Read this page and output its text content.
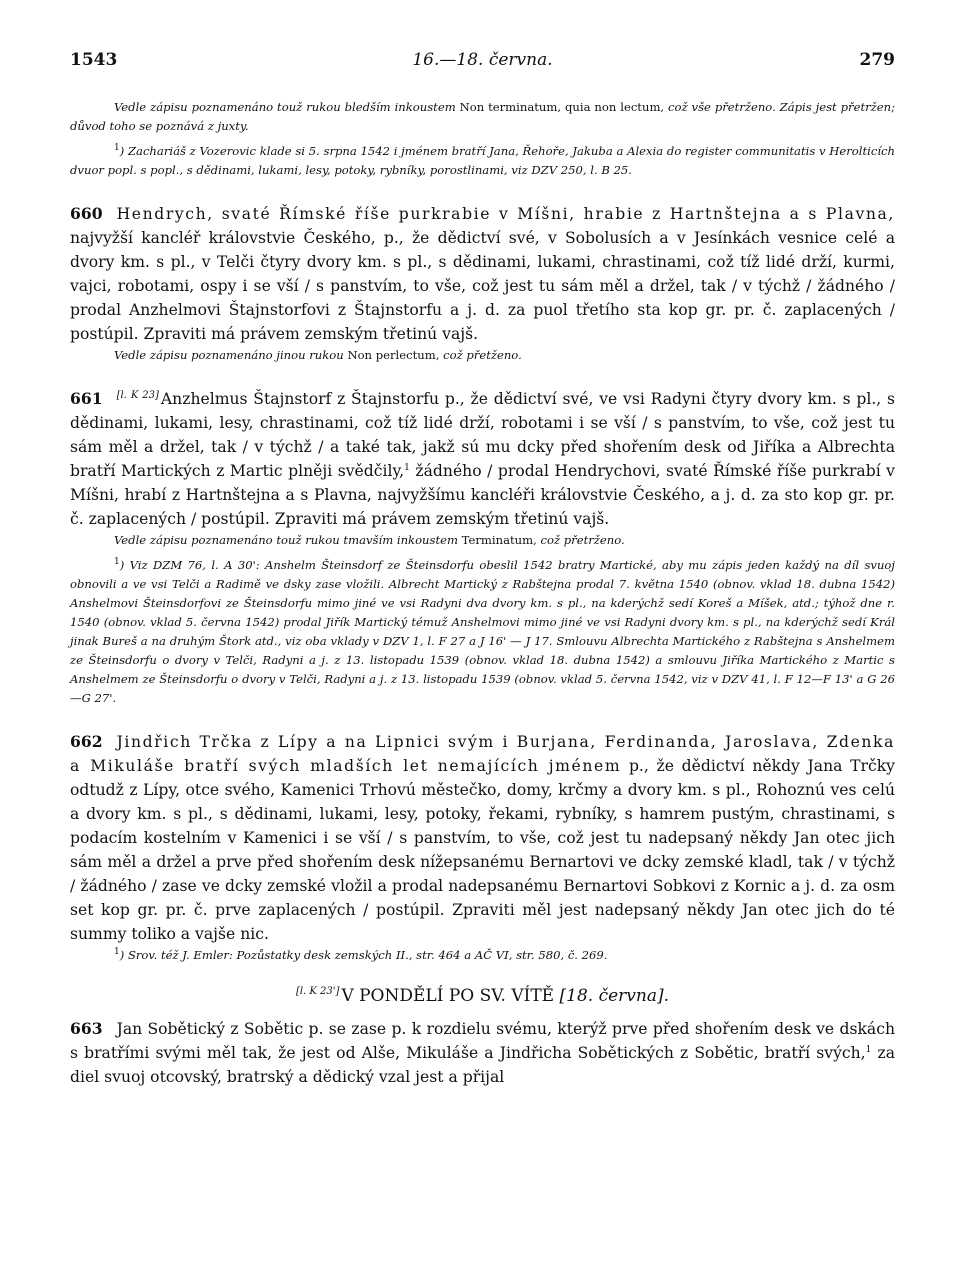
1543	16.—18. června.	279

Vedle zápisu poznamenáno touž rukou bledším inkoustem Non terminatum, quia non lectum, což vše přetrženo. Zápis jest přetržen; důvod toho se poznává z juxty.

$^1$) Zachariáš z Vozerovic klade si 5. srpna 1542 i jménem bratří Jana, Řehoře, Jakuba a Alexia do register communitatis v Herolticích dvuor popl. s popl., s dědinami, lukami, lesy, potoky, rybníky, porostlinami, viz DZV 250, l. B 25.

660 Hendrych, svaté Římské říše purkrabie v Míšni, hrabie z Hartnštejna a s Plavna, najvyžší kancléř královstvie Českého, p., že dědictví své, v Sobolusích a v Jesínkách vesnice celé a dvory km. s pl., v Telči čtyry dvory km. s pl., s dědinami, lukami, chrastinami, což tíž lidé drží, kurmi, vajci, robotami, ospy i se vší / s panstvím, to vše, což jest tu sám měl a držel, tak / v týchž / žádného / prodal Anzhelmovi Štajnstorfovi z Štajnstorfu a j. d. za puol třetího sta kop gr. pr. č. zaplacených / postúpil. Zpraviti má právem zemským třetinú vajš.

Vedle zápisu poznamenáno jinou rukou Non perlectum, což přetženo.

661 [l. K 23] Anzhelmus Štajnstorf z Štajnstorfu p., že dědictví své, ve vsi Radyni čtyry dvory km. s pl., s dědinami, lukami, lesy, chrastinami, což tíž lidé drží, robotami i se vší / s panstvím, to vše, což jest tu sám měl a držel, tak / v týchž / a také tak, jakž sú mu dcky před shořením desk od Jiříka a Albrechta bratří Martických z Martic plněji svědčily,$^1$ žádného / prodal Hendrychovi, svaté Římské říše purkrabí v Míšni, hrabí z Hartnštejna a s Plavna, najvyžšímu kancléři královstvie Českého, a j. d. za sto kop gr. pr. č. zaplacených / postúpil. Zpraviti má právem zemským třetinú vajš.

Vedle zápisu poznamenáno touž rukou tmavším inkoustem Terminatum, což přetrženo.

$^1$) Viz DZM 76, l. A 30': Anshelm Šteinsdorf ze Šteinsdorfu obeslil 1542 bratry Martické, aby mu zápis jeden každý na díl svuoj obnovili a ve vsi Telči a Radimě ve dsky zase vložili. Albrecht Martický z Rabštejna prodal 7. května 1540 (obnov. vklad 18. dubna 1542) Anshelmovi Šteinsdorfovi ze Šteinsdorfu mimo jiné ve vsi Radyni dva dvory km. s pl., na kderýchž sedí Koreš a Míšek, atd.; týhož dne r. 1540 (obnov. vklad 5. června 1542) prodal Jiřík Martický témuž Anshelmovi mimo jiné ve vsi Radyni dvory km. s pl., na kderýchž sedí Král jinak Bureš a na druhým Štork atd., viz oba vklady v DZV 1, l. F 27 a J 16' — J 17. Smlouvu Albrechta Martického z Rabštejna s Anshelmem ze Šteinsdorfu o dvory v Telči, Radyni a j. z 13. listopadu 1539 (obnov. vklad 18. dubna 1542) a smlouvu Jiříka Martického z Martic s Anshelmem ze Šteinsdorfu o dvory v Telči, Radyni a j. z 13. listopadu 1539 (obnov. vklad 5. června 1542, viz v DZV 41, l. F 12—F 13' a G 26—G 27'.

662 Jindřich Trčka z Lípy a na Lipnici svým i Burjana, Ferdinanda, Jaroslava, Zdenka a Mikuláše bratří svých mladších let nemajících jménem p., že dědictví někdy Jana Trčky odtudž z Lípy, otce svého, Kamenici Trhovú městečko, domy, krčmy a dvory km. s pl., Rohoznú ves celú a dvory km. s pl., s dědinami, lukami, lesy, potoky, řekami, rybníky, s hamrem pustým, chrastinami, s podacím kostelním v Kamenici i se vší / s panstvím, to vše, což jest tu nadepsaný někdy Jan otec jich sám měl a držel a prve před shořením desk nížepsanému Bernartovi ve dcky zemské kladl, tak / v týchž / žádného / zase ve dcky zemské vložil a prodal nadepsanému Bernartovi Sobkovi z Kornic a j. d. za osm set kop gr. pr. č. prve zaplacených / postúpil. Zpraviti měl jest nadepsaný někdy Jan otec jich do té summy toliko a vajše nic.

$^1$) Srov. též J. Emler: Pozůstatky desk zemských II., str. 464 a AČ VI, str. 580, č. 269.

[l. K 23'] V PONDĚLÍ PO SV. VÍTĚ [18. června].

663 Jan Sobětický z Sobětic p. se zase p. k rozdielu svému, kterýž prve před shořením desk ve dskách s bratřími svými měl tak, že jest od Alše, Mikuláše a Jindřicha Sobětických z Sobětic, bratří svých,$^1$ za diel svuoj otcovský, bratrský a dědický vzal jest a přijal
